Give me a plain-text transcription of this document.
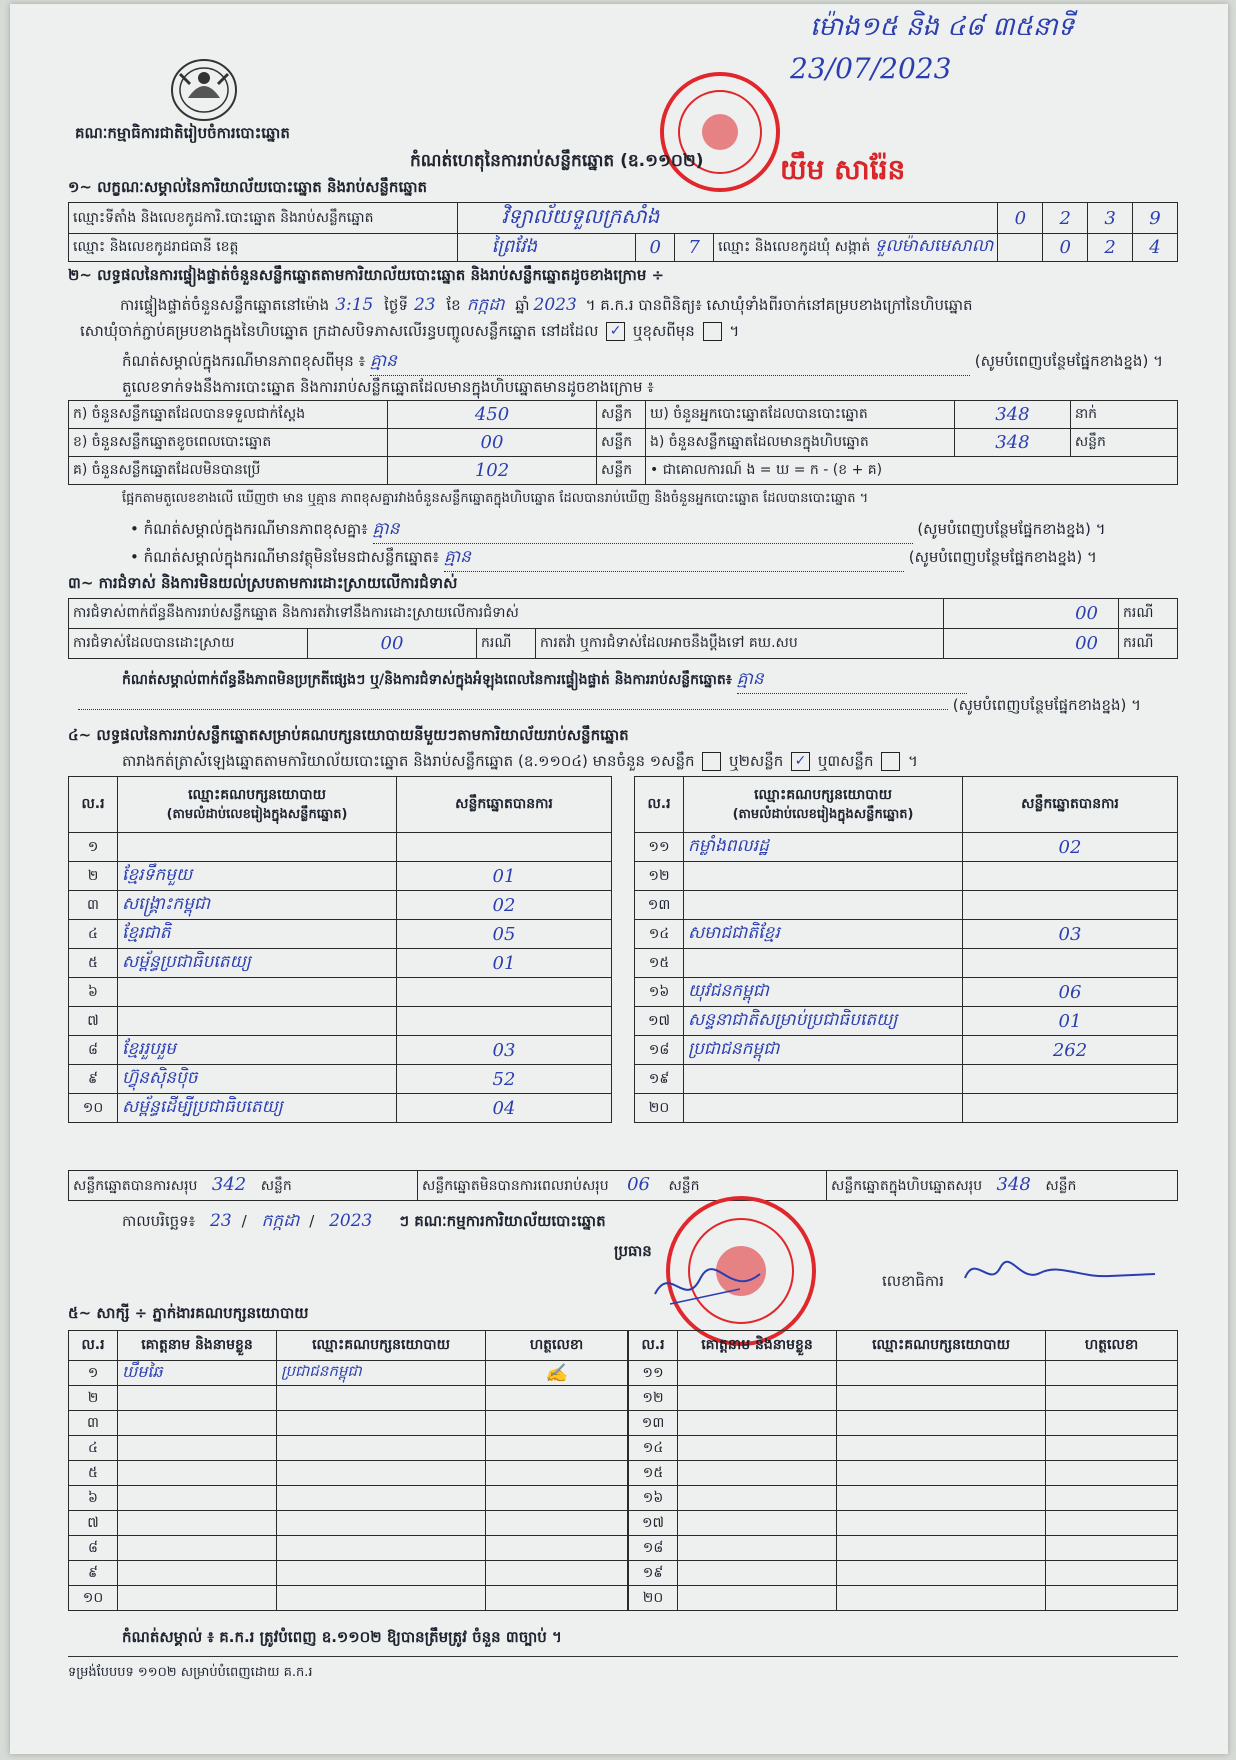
គណៈកម្មាធិការជាតិរៀបចំការបោះឆ្នោត
ម៉ោង១៥ និង ៤៨ ៣៥នាទី
23/07/2023
យឹម សារ៉ែន
កំណត់ហេតុនៃការរាប់សន្លឹកឆ្នោត (ឧ.១១០២)
១~ លក្ខណៈសម្គាល់នៃការិយាល័យបោះឆ្នោត និងរាប់សន្លឹកឆ្នោត
ឈ្មោះទីតាំង និងលេខកូដការិ.បោះឆ្នោត និងរាប់សន្លឹកឆ្នោត	វិទ្យាល័យទួលក្រសាំង				0	2	3	9
ឈ្មោះ និងលេខកូដរាជធានី ខេត្ត	ព្រៃវែង	0	7	ឈ្មោះ និងលេខកូដឃុំ សង្កាត់ ទួលម៉ាសមេសាលា		0	2	4
២~ លទ្ធផលនៃការផ្ទៀងផ្ទាត់ចំនួនសន្លឹកឆ្នោតតាមការិយាល័យបោះឆ្នោត និងរាប់សន្លឹកឆ្នោតដូចខាងក្រោម ÷
ការផ្ទៀងផ្ទាត់ចំនួនសន្លឹកឆ្នោតនៅម៉ោង 3:15 ថ្ងៃទី 23 ខែ កក្កដា ឆ្នាំ 2023 ។ គ.ក.រ បានពិនិត្យ៖ សោឃុំទាំងពីរចាក់នៅគម្របខាងក្រៅនៃហិបឆ្នោត
សោឃុំចាក់ភ្ជាប់គម្របខាងក្នុងនៃហិបឆ្នោត ក្រដាសបិទភាសលើរន្ធបញ្ចូលសន្លឹកឆ្នោត នៅដដែល ✓ ឬខុសពីមុន  ។
កំណត់សម្គាល់ក្នុងករណីមានភាពខុសពីមុន ៖ គ្មាន	(សូមបំពេញបន្ថែមផ្នែកខាងខ្នង) ។
តួលេខទាក់ទងនឹងការបោះឆ្នោត និងការរាប់សន្លឹកឆ្នោតដែលមានក្នុងហិបឆ្នោតមានដូចខាងក្រោម ៖
ក) ចំនួនសន្លឹកឆ្នោតដែលបានទទួលជាក់ស្តែង	450	សន្លឹក	ឃ) ចំនួនអ្នកបោះឆ្នោតដែលបានបោះឆ្នោត	348	នាក់
ខ) ចំនួនសន្លឹកឆ្នោតខូចពេលបោះឆ្នោត	00	សន្លឹក	ង) ចំនួនសន្លឹកឆ្នោតដែលមានក្នុងហិបឆ្នោត	348	សន្លឹក
គ) ចំនួនសន្លឹកឆ្នោតដែលមិនបានប្រើ	102	សន្លឹក	• ជាគោលការណ៍ ង = ឃ = ក - (ខ + គ)		
ផ្អែកតាមតួលេខខាងលើ ឃើញថា មាន ឬគ្មាន ភាពខុសគ្នារវាងចំនួនសន្លឹកឆ្នោតក្នុងហិបឆ្នោត ដែលបានរាប់ឃើញ និងចំនួនអ្នកបោះឆ្នោត ដែលបានបោះឆ្នោត ។
• កំណត់សម្គាល់ក្នុងករណីមានភាពខុសគ្នា៖ គ្មាន	(សូមបំពេញបន្ថែមផ្នែកខាងខ្នង) ។
• កំណត់សម្គាល់ក្នុងករណីមានវត្ថុមិនមែនជាសន្លឹកឆ្នោត៖ គ្មាន	(សូមបំពេញបន្ថែមផ្នែកខាងខ្នង) ។
៣~ ការជំទាស់ និងការមិនយល់ស្របតាមការដោះស្រាយលើការជំទាស់
ការជំទាស់ពាក់ព័ន្ធនឹងការរាប់សន្លឹកឆ្នោត និងការតវ៉ាទៅនឹងការដោះស្រាយលើការជំទាស់				00	ករណី
ការជំទាស់ដែលបានដោះស្រាយ	00	ករណី	ការតវ៉ា ឬការជំទាស់ដែលអាចនឹងប្តឹងទៅ គឃ.សប	00	ករណី
កំណត់សម្គាល់ពាក់ព័ន្ធនឹងភាពមិនប្រក្រតីផ្សេងៗ ឬ/និងការជំទាស់ក្នុងអំឡុងពេលនៃការផ្ទៀងផ្ទាត់ និងការរាប់សន្លឹកឆ្នោត៖ គ្មាន
(សូមបំពេញបន្ថែមផ្នែកខាងខ្នង) ។
៤~ លទ្ធផលនៃការរាប់សន្លឹកឆ្នោតសម្រាប់គណបក្សនយោបាយនីមួយៗតាមការិយាល័យរាប់សន្លឹកឆ្នោត
តារាងកត់ត្រាសំឡេងឆ្នោតតាមការិយាល័យបោះឆ្នោត និងរាប់សន្លឹកឆ្នោត (ឧ.១១០៤) មានចំនួន ១សន្លឹក ឬ២សន្លឹក ✓ ឬ៣សន្លឹក  ។
ល.រ	ឈ្មោះគណបក្សនយោបាយ
(តាមលំដាប់លេខរៀងក្នុងសន្លឹកឆ្នោត)	សន្លឹកឆ្នោតបានការ
១		
២	ខ្មែរទឹកមួយ	01
៣	សង្គ្រោះកម្ពុជា	02
៤	ខ្មែរជាតិ	05
៥	សម្ព័ន្ធប្រជាធិបតេយ្យ	01
៦		
៧		
៨	ខ្មែររួបរួម	03
៩	ហ៊្វុនស៊ិនប៉ិច	52
១០	សម្ព័ន្ធដើម្បីប្រជាធិបតេយ្យ	04
ល.រ	ឈ្មោះគណបក្សនយោបាយ
(តាមលំដាប់លេខរៀងក្នុងសន្លឹកឆ្នោត)	សន្លឹកឆ្នោតបានការ
១១	កម្លាំងពលរដ្ឋ	02
១២		
១៣		
១៤	សមាជជាតិខ្មែរ	03
១៥		
១៦	យុវជនកម្ពុជា	06
១៧	សន្ទនាជាតិសម្រាប់ប្រជាធិបតេយ្យ	01
១៨	ប្រជាជនកម្ពុជា	262
១៩		
២០		
សន្លឹកឆ្នោតបានការសរុប 342 សន្លឹក	សន្លឹកឆ្នោតមិនបានការពេលរាប់សរុប 06 សន្លឹក	សន្លឹកឆ្នោតក្នុងហិបឆ្នោតសរុប 348 សន្លឹក
កាលបរិច្ឆេទ៖ 23 / កក្កដា / 2023 ៗ គណៈកម្មការការិយាល័យបោះឆ្នោត
ប្រធាន
លេខាធិការ
៥~ សាក្សី ÷ ភ្នាក់ងារគណបក្សនយោបាយ
ល.រ	គោត្តនាម និងនាមខ្លួន	ឈ្មោះគណបក្សនយោបាយ	ហត្ថលេខា
១	ឃឹមឆៃ	ប្រជាជនកម្ពុជា	✍
២			
៣			
៤			
៥			
៦			
៧			
៨			
៩			
១០			
ល.រ	គោត្តនាម និងនាមខ្លួន	ឈ្មោះគណបក្សនយោបាយ	ហត្ថលេខា
១១			
១២			
១៣			
១៤			
១៥			
១៦			
១៧			
១៨			
១៩			
២០			
កំណត់សម្គាល់ ៖ គ.ក.រ ត្រូវបំពេញ ឧ.១១០២ ឱ្យបានត្រឹមត្រូវ ចំនួន ៣ច្បាប់ ។
ទម្រង់បែបបទ ១១០២ សម្រាប់បំពេញដោយ គ.ក.រ
